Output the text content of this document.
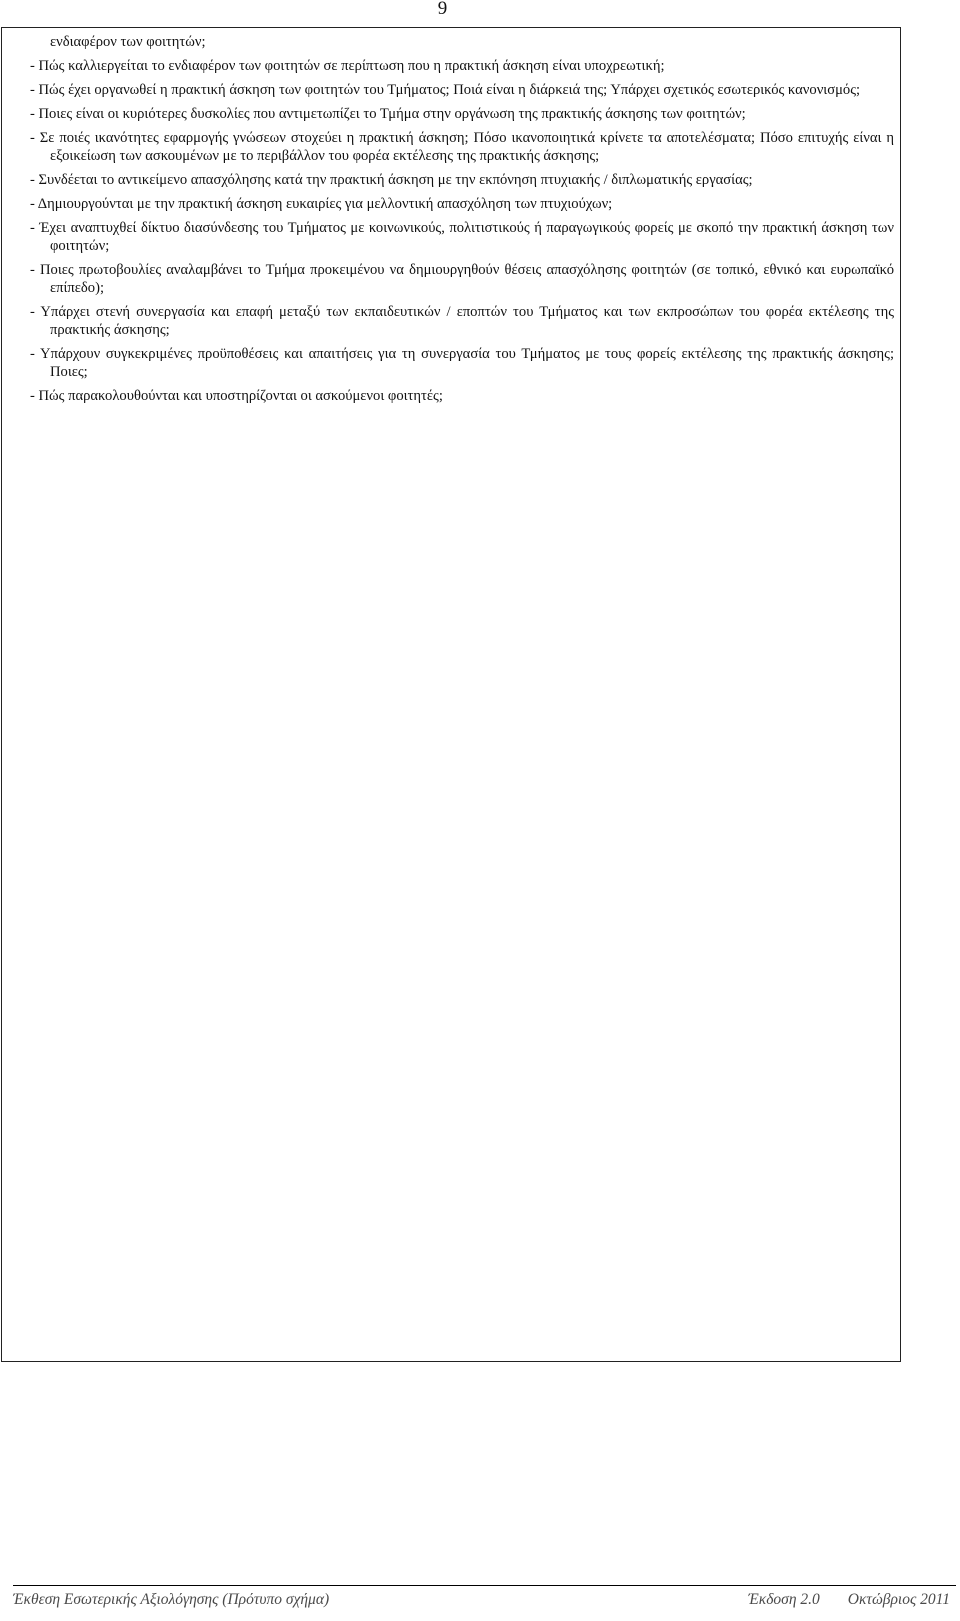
9
ενδιαφέρον των φοιτητών;
- Πώς καλλιεργείται το ενδιαφέρον των φοιτητών σε περίπτωση που η πρακτική άσκηση είναι υποχρεωτική;
- Πώς έχει οργανωθεί η πρακτική άσκηση των φοιτητών του Τμήματος; Ποιά είναι η διάρκειά της; Υπάρχει σχετικός εσωτερικός κανονισμός;
- Ποιες είναι οι κυριότερες δυσκολίες που αντιμετωπίζει το Τμήμα στην οργάνωση της πρακτικής άσκησης των φοιτητών;
- Σε ποιές ικανότητες εφαρμογής γνώσεων στοχεύει η πρακτική άσκηση; Πόσο ικανοποιητικά κρίνετε τα αποτελέσματα; Πόσο επιτυχής είναι η εξοικείωση των ασκουμένων με το περιβάλλον του φορέα εκτέλεσης της πρακτικής άσκησης;
- Συνδέεται το αντικείμενο απασχόλησης κατά την πρακτική άσκηση με την εκπόνηση πτυχιακής / διπλωματικής εργασίας;
- Δημιουργούνται με την πρακτική άσκηση ευκαιρίες για μελλοντική απασχόληση των πτυχιούχων;
- Έχει αναπτυχθεί δίκτυο διασύνδεσης του Τμήματος με κοινωνικούς, πολιτιστικούς ή παραγωγικούς φορείς με σκοπό την πρακτική άσκηση των φοιτητών;
- Ποιες πρωτοβουλίες αναλαμβάνει το Τμήμα προκειμένου να δημιουργηθούν θέσεις απασχόλησης φοιτητών (σε τοπικό, εθνικό και ευρωπαϊκό επίπεδο);
- Υπάρχει στενή συνεργασία και επαφή μεταξύ των εκπαιδευτικών / εποπτών του Τμήματος και των εκπροσώπων του φορέα εκτέλεσης της πρακτικής άσκησης;
- Υπάρχουν συγκεκριμένες προϋποθέσεις και απαιτήσεις για τη συνεργασία του Τμήματος με τους φορείς εκτέλεσης της πρακτικής άσκησης; Ποιες;
- Πώς παρακολουθούνται και υποστηρίζονται οι ασκούμενοι φοιτητές;
Έκθεση Εσωτερικής Αξιολόγησης (Πρότυπο σχήμα)	Έκδοση 2.0 Οκτώβριος 2011
